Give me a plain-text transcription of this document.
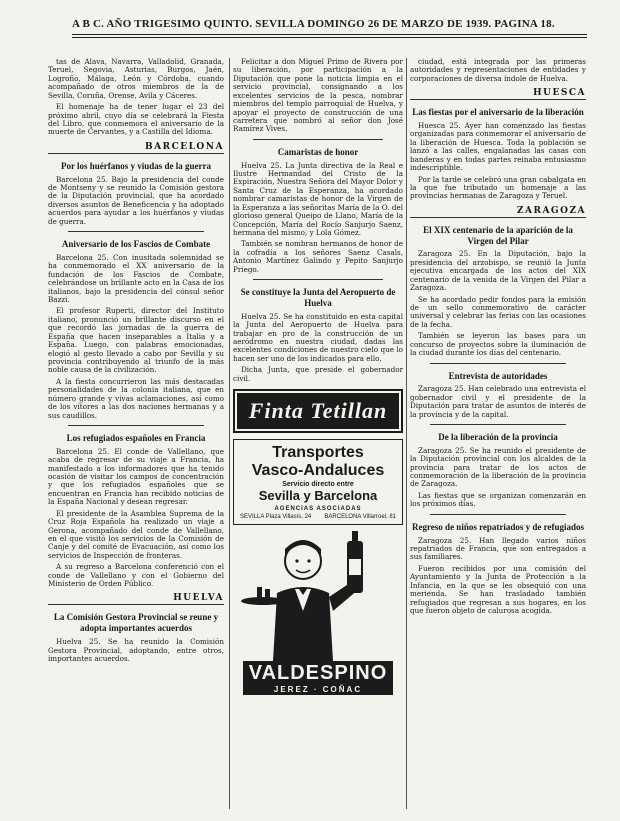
A B C. AÑO TRIGESIMO QUINTO. SEVILLA DOMINGO 26 DE MARZO DE 1939. PAGINA 18.

tas de Alava, Navarra, Valladolid, Granada, Teruel, Segovia, Asturias, Burgos, Jaén, Logroño, Málaga, León y Córdoba, cuando acompañado de otros miembros de la de Sevilla, Coruña, Orense, Avila y Cáceres.

El homenaje ha de tener lugar el 23 del próximo abril, cuyo día se celebrará la Fiesta del Libro, que conmemora el aniversario de la muerte de Cervantes, y a Castilla del Idioma.

BARCELONA
Por los huérfanos y viudas de la guerra

Barcelona 25. Bajo la presidencia del conde de Montseny y se reunido la Comisión gestora de la Diputación provincial, que ha acordado diversos asuntos de Beneficencia y ha adoptado acuerdos para ayudar a los huérfanos y viudas de guerra.

Aniversario de los Fascios de Combate

Barcelona 25. Con inusitada solemnidad se ha conmemorado el XX aniversario de la fundación de los Fascios de Combate, celebrándose un brillante acto en la Casa de los italianos, bajo la presidencia del cónsul señor Bazzi.

El profesor Ruperti, director del Instituto italiano, pronunció un brillante discurso en el que recordó las jornadas de la guerra de España que hacen inseparables a Italia y a España. Luego, con palabras emocionadas, elogió al gesto llevado a cabo por Sevilla y su provincia contribuyendo al triunfo de la más noble causa de la civilización.

A la fiesta concurrieron las más destacadas personalidades de la colonia italiana, que en número grande y vivas aclamaciones, así como de los vítores a las dos naciones hermanas y a sus caudillos.

Los refugiados españoles en Francia

Barcelona 25. El conde de Vallellano, que acaba de regresar de su viaje a Francia, ha manifestado a los informadores que ha tenido ocasión de visitar los campos de concentración y que los refugiados españoles que se encuentran en Francia han recibido noticias de la España Nacional y desean regresar.

El presidente de la Asamblea Suprema de la Cruz Roja Española ha realizado un viaje a Gerona, acompañado del conde de Vallellano, en el que visitó los servicios de la Comisión de Canje y del comité de Evacuación, así como los servicios de Inspección de fronteras.

A su regreso a Barcelona conferenció con el conde de Vallellano y con el Gobierno del Ministerio de Orden Público.

HUELVA
La Comisión Gestora Provincial se reune y adopta importantes acuerdos

Huelva 25. Se ha reunido la Comisión Gestora Provincial, adoptando, entre otros, importantes acuerdos.

Felicitar a don Miguel Primo de Rivera por su liberación, por participación a la Diputación que pone la noticia limpia en el servicio provincial, consignando a los excelentes servicios de la pesca, nombrar miembros del templo parroquial de Huelva, y apoyar el proyecto de construcción de una carretera que nombró al señor don José Ramírez Vives.

Camaristas de honor

Huelva 25. La Junta directiva de la Real e Ilustre Hermandad del Cristo de la Expiración, Nuestra Señora del Mayor Dolor y Santa Cruz de la Esperanza, ha acordado nombrar camaristas de honor de la Virgen de la Esperanza a las señoritas María de la O. del glorioso general Queipo de Llano, María de la Concepción, María del Rocío Sanjurjo Saenz, hermana del mismo, y Lola Gómez.

También se nombran hermanos de honor de la cofradía a los señores Saenz Casals, Antonio Martínez Galindo y Pepito Sanjurjo Priego.

Se constituye la Junta del Aeropuerto de Huelva

Huelva 25. Se ha constituido en esta capital la Junta del Aeropuerto de Huelva para trabajar en pro de la construcción de un aeródromo en nuestra ciudad, dadas las excelentes condiciones de nuestro cielo que lo hacen ser uno de los indicados para ello.

Dicha Junta, que preside el gobernador civil.

Finta Tetillan
Transportes
Vasco-Andaluces
Servicio directo entre
Sevilla y Barcelona
AGENCIAS ASOCIADAS
SEVILLA Plaza Villasís, 24 BARCELONA Villarroel, 81
VALDESPINO
JEREZ · COÑAC

ciudad, está integrada por las primeras autoridades y representaciones de entidades y corporaciones de diversa índole de Huelva.

HUESCA
Las fiestas por el aniversario de la liberación

Huesca 25. Ayer han comenzado las fiestas organizadas para conmemorar el aniversario de la liberación de Huesca. Toda la población se lanzó a las calles, engalanadas las casas con banderas y en todas partes reinaba entusiasmo indescriptible.

Por la tarde se celebró una gran cabalgata en la que fue tributado un homenaje a las provincias hermanas de Zaragoza y Teruel.

ZARAGOZA
El XIX centenario de la aparición de la Virgen del Pilar

Zaragoza 25. En la Diputación, bajo la presidencia del arzobispo, se reunió la Junta ejecutiva encargada de los actos del XIX centenario de la venida de la Virgen del Pilar a Zaragoza.

Se ha acordado pedir fondos para la emisión de un sello conmemorativo de carácter universal y celebrar las ferias con las ocasiones de la fecha.

También se leyeron las bases para un concurso de proyectos sobre la iluminación de la ciudad durante los días del centenario.

Entrevista de autoridades

Zaragoza 25. Han celebrado una entrevista el gobernador civil y el presidente de la Diputación para tratar de asuntos de interés de la provincia y de la capital.

De la liberación de la provincia

Zaragoza 25. Se ha reunido el presidente de la Diputación provincial con los alcaldes de la provincia para tratar de los actos de conmemoración de la liberación de la provincia de Zaragoza.

Las fiestas que se organizan comenzarán en los próximos días.

Regreso de niños repatriados y de refugiados

Zaragoza 25. Han llegado varios niños repatriados de Francia, que son entregados a sus familiares.

Fueron recibidos por una comisión del Ayuntamiento y la Junta de Protección a la Infancia, en la que se les obsequió con una merienda. Se han trasladado también refugiados que regresan a sus hogares, en los que fueron objeto de calurosa acogida.
